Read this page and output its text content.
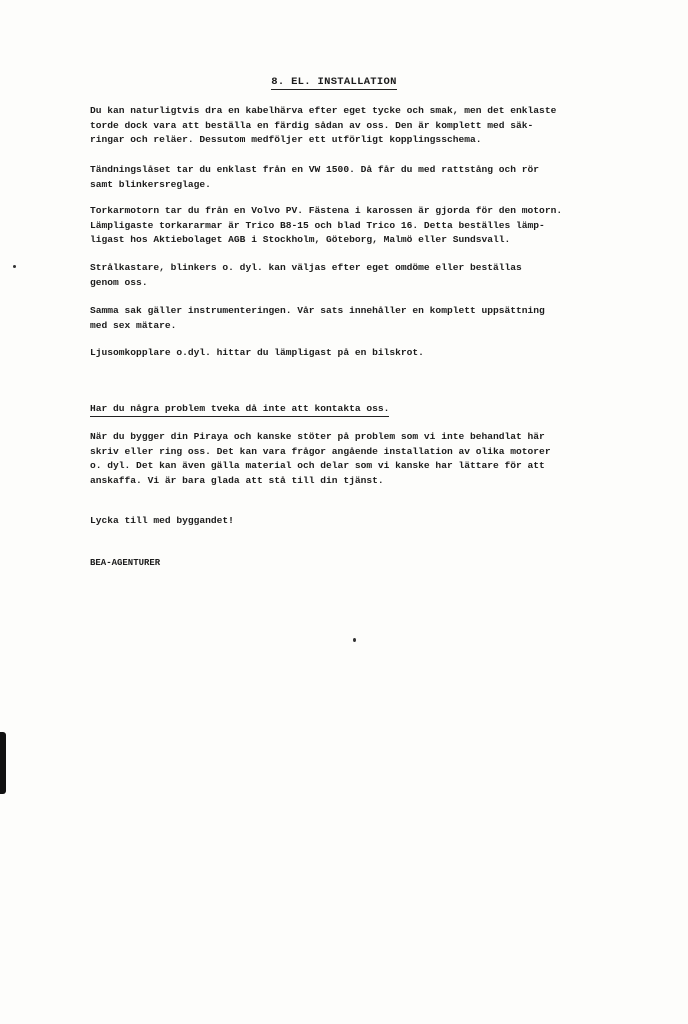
8. EL. INSTALLATION
Du kan naturligtvis dra en kabelhärva efter eget tycke och smak, men det enklaste
torde dock vara att beställa en färdig sådan av oss. Den är komplett med säk-
ringar och reläer. Dessutom medföljer ett utförligt kopplingsschema.
Tändningslåset tar du enklast från en VW 1500. Då får du med rattstång och rör
samt blinkersreglage.
Torkarmotorn tar du från en Volvo PV. Fästena i karossen är gjorda för den motorn.
Lämpligaste torkararmar är Trico B8-15 och blad Trico 16. Detta beställes lämp-
ligast hos Aktiebolaget AGB i Stockholm, Göteborg, Malmö eller Sundsvall.
Strålkastare, blinkers o. dyl. kan väljas efter eget omdöme eller beställas
genom oss.
Samma sak gäller instrumenteringen. Vår sats innehåller en komplett uppsättning
med sex mätare.
Ljusomkopplare o.dyl. hittar du lämpligast på en bilskrot.
Har du några problem tveka då inte att kontakta oss.
När du bygger din Piraya och kanske stöter på problem som vi inte behandlat här
skriv eller ring oss. Det kan vara frågor angående installation av olika motorer
o. dyl. Det kan även gälla material och delar som vi kanske har lättare för att
anskaffa. Vi är bara glada att stå till din tjänst.
Lycka till med byggandet!
BEA-AGENTURER
